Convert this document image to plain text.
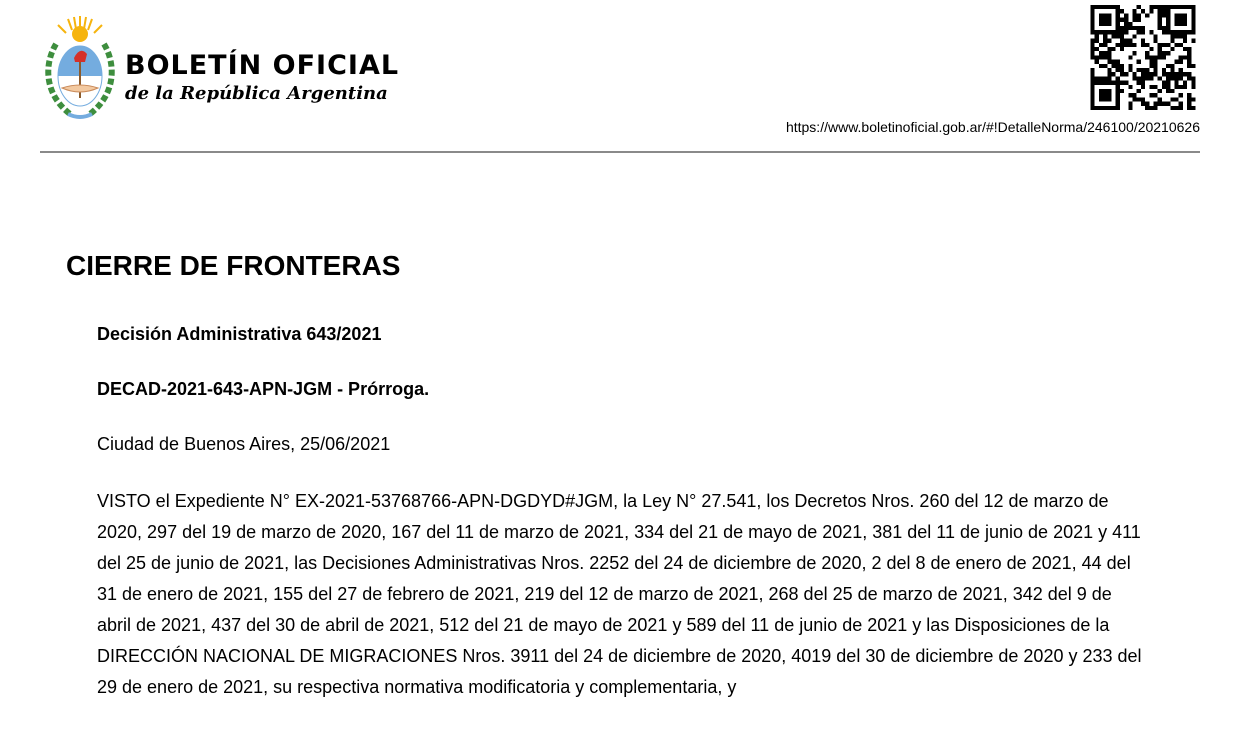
BOLETÍN OFICIAL
de la República Argentina
https://www.boletinoficial.gob.ar/#!DetalleNorma/246100/20210626
CIERRE DE FRONTERAS

Decisión Administrativa 643/2021

DECAD-2021-643-APN-JGM - Prórroga.

Ciudad de Buenos Aires, 25/06/2021

VISTO el Expediente N° EX-2021-53768766-APN-DGDYD#JGM, la Ley N° 27.541, los Decretos Nros. 260 del 12 de marzo de 2020, 297 del 19 de marzo de 2020, 167 del 11 de marzo de 2021, 334 del 21 de mayo de 2021, 381 del 11 de junio de 2021 y 411 del 25 de junio de 2021, las Decisiones Administrativas Nros. 2252 del 24 de diciembre de 2020, 2 del 8 de enero de 2021, 44 del 31 de enero de 2021, 155 del 27 de febrero de 2021, 219 del 12 de marzo de 2021, 268 del 25 de marzo de 2021, 342 del 9 de abril de 2021, 437 del 30 de abril de 2021, 512 del 21 de mayo de 2021 y 589 del 11 de junio de 2021 y las Disposiciones de la DIRECCIÓN NACIONAL DE MIGRACIONES Nros. 3911 del 24 de diciembre de 2020, 4019 del 30 de diciembre de 2020 y 233 del 29 de enero de 2021, su respectiva normativa modificatoria y complementaria, y
